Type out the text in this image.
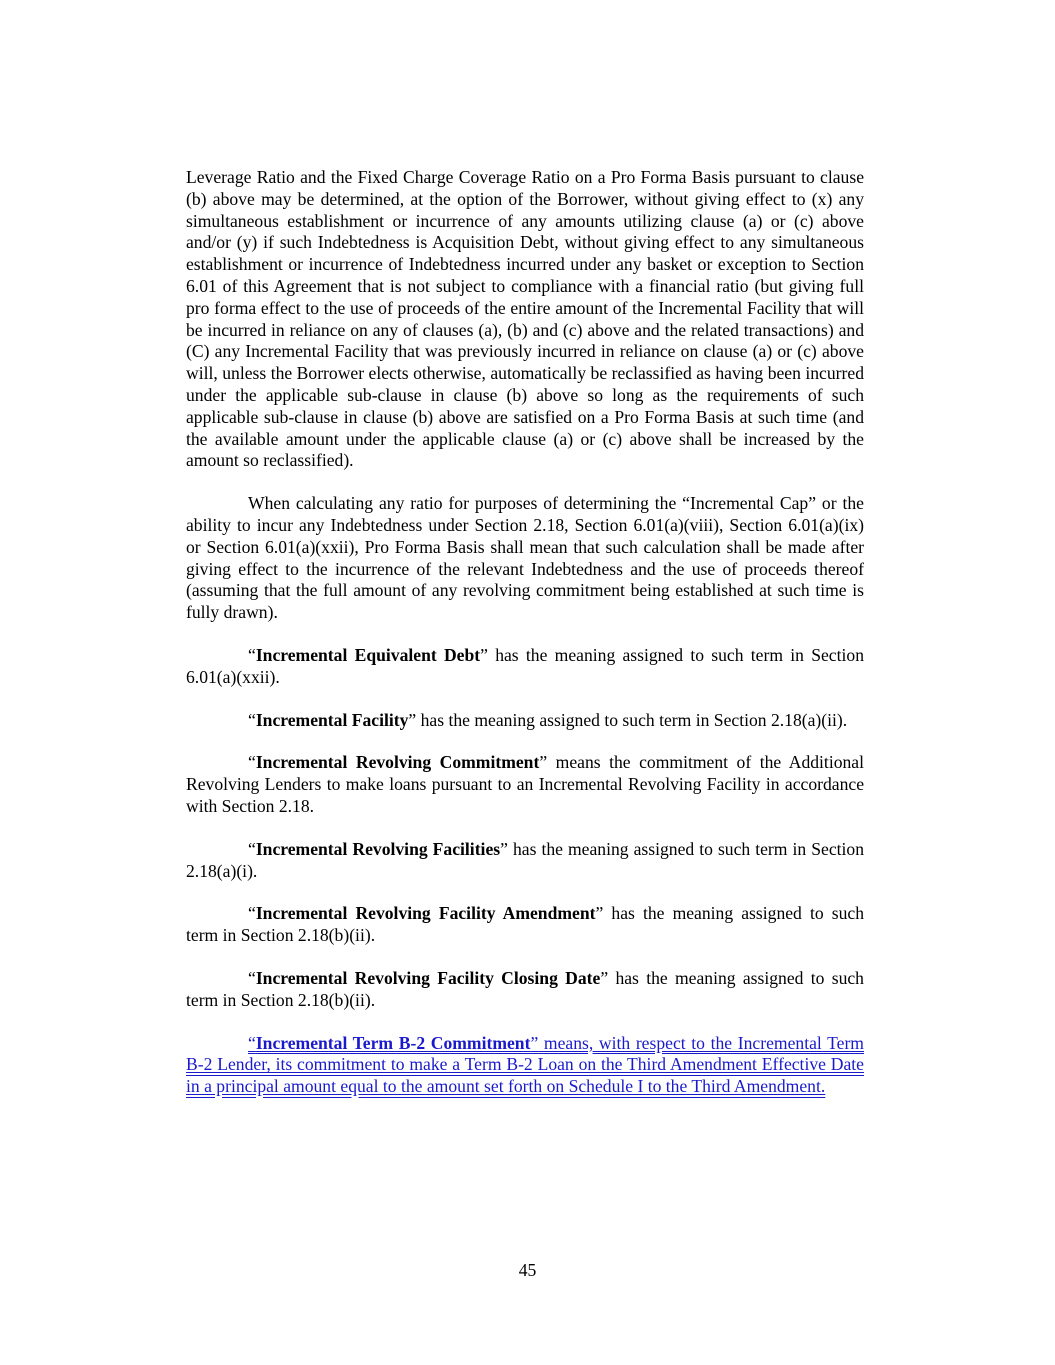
Leverage Ratio and the Fixed Charge Coverage Ratio on a Pro Forma Basis pursuant to clause (b) above may be determined, at the option of the Borrower, without giving effect to (x) any simultaneous establishment or incurrence of any amounts utilizing clause (a) or (c) above and/or (y) if such Indebtedness is Acquisition Debt, without giving effect to any simultaneous establishment or incurrence of Indebtedness incurred under any basket or exception to Section 6.01 of this Agreement that is not subject to compliance with a financial ratio (but giving full pro forma effect to the use of proceeds of the entire amount of the Incremental Facility that will be incurred in reliance on any of clauses (a), (b) and (c) above and the related transactions) and (C) any Incremental Facility that was previously incurred in reliance on clause (a) or (c) above will, unless the Borrower elects otherwise, automatically be reclassified as having been incurred under the applicable sub-clause in clause (b) above so long as the requirements of such applicable sub-clause in clause (b) above are satisfied on a Pro Forma Basis at such time (and the available amount under the applicable clause (a) or (c) above shall be increased by the amount so reclassified).

When calculating any ratio for purposes of determining the “Incremental Cap” or the ability to incur any Indebtedness under Section 2.18, Section 6.01(a)(viii), Section 6.01(a)(ix) or Section 6.01(a)(xxii), Pro Forma Basis shall mean that such calculation shall be made after giving effect to the incurrence of the relevant Indebtedness and the use of proceeds thereof (assuming that the full amount of any revolving commitment being established at such time is fully drawn).

“Incremental Equivalent Debt” has the meaning assigned to such term in Section 6.01(a)(xxii).

“Incremental Facility” has the meaning assigned to such term in Section 2.18(a)(ii).

“Incremental Revolving Commitment” means the commitment of the Additional Revolving Lenders to make loans pursuant to an Incremental Revolving Facility in accordance with Section 2.18.

“Incremental Revolving Facilities” has the meaning assigned to such term in Section 2.18(a)(i).

“Incremental Revolving Facility Amendment” has the meaning assigned to such term in Section 2.18(b)(ii).

“Incremental Revolving Facility Closing Date” has the meaning assigned to such term in Section 2.18(b)(ii).

“Incremental Term B-2 Commitment” means, with respect to the Incremental Term B-2 Lender, its commitment to make a Term B-2 Loan on the Third Amendment Effective Date in a principal amount equal to the amount set forth on Schedule I to the Third Amendment.

45
